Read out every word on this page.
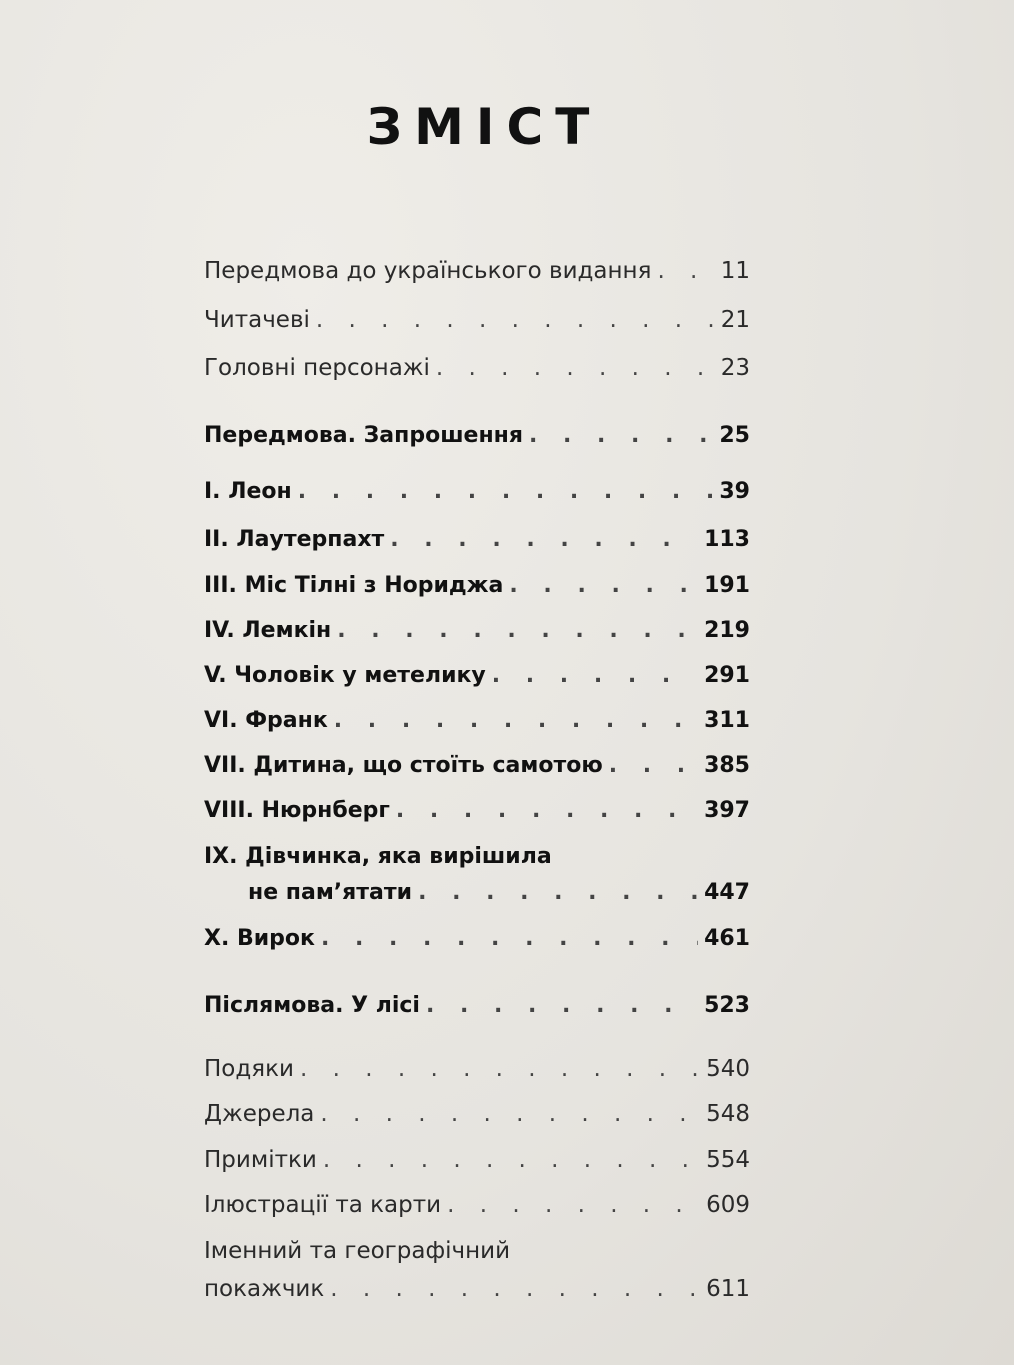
ЗМІСТ
Передмова до українського видання . . .	11
Читачеві . . .	21
Головні персонажі . . .	23
Передмова. Запрошення . . .	25
I. Леон . . .	39
II. Лаутерпахт . . .	113
III. Міс Тілні з Нориджа . . .	191
IV. Лемкін . . .	219
V. Чоловік у метелику . . .	291
VI. Франк . . .	311
VII. Дитина, що стоїть самотою . . .	385
VIII. Нюрнберг . . .	397
IX. Дівчинка, яка вирішила
не пам’ятати . . .	447
X. Вирок . . .	461
Післямова. У лісі . . .	523
Подяки . . .	540
Джерела . . .	548
Примітки . . .	554
Ілюстрації та карти . . .	609
Іменний та географічний
покажчик . . .	611
